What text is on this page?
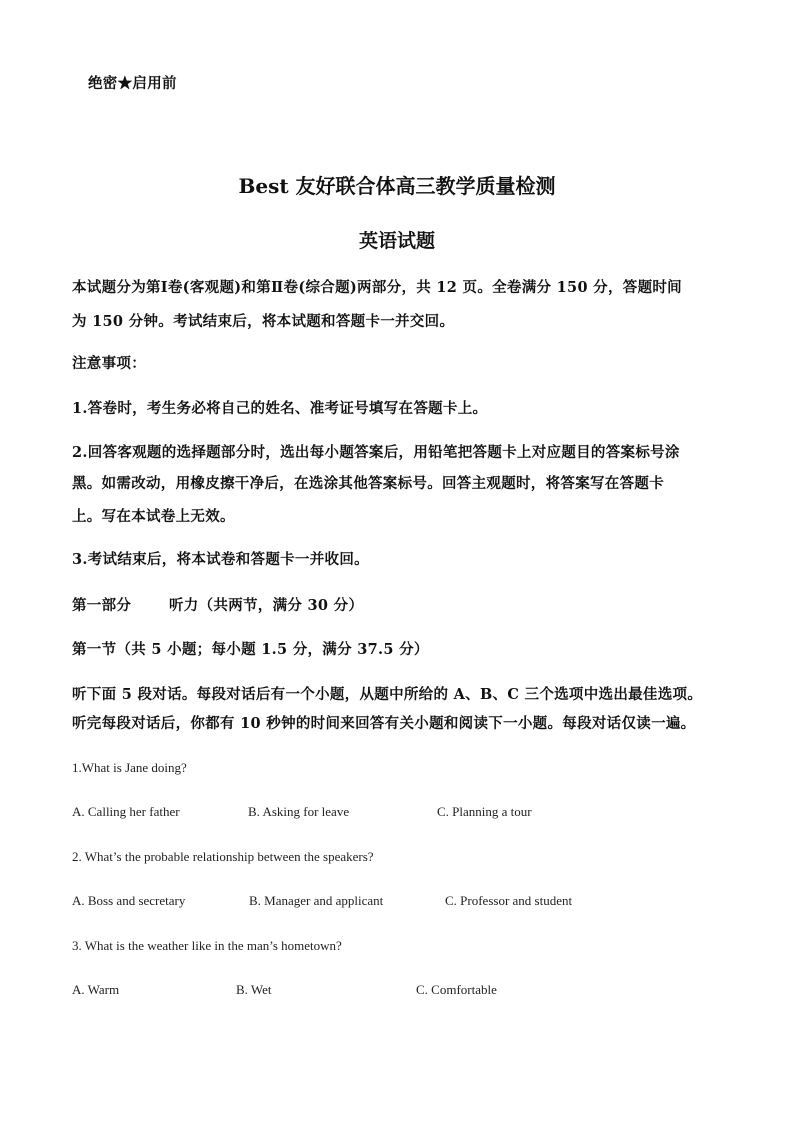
绝密★启用前
Best 友好联合体高三教学质量检测
英语试题
本试题分为第Ⅰ卷(客观题)和第Ⅱ卷(综合题)两部分，共 12 页。全卷满分 150 分，答题时间
为 150 分钟。考试结束后，将本试题和答题卡一并交回。
注意事项：
1.答卷时，考生务必将自己的姓名、准考证号填写在答题卡上。
2.回答客观题的选择题部分时，选出每小题答案后，用铅笔把答题卡上对应题目的答案标号涂
黑。如需改动，用橡皮擦干净后，在选涂其他答案标号。回答主观题时，将答案写在答题卡
上。写在本试卷上无效。
3.考试结束后，将本试卷和答题卡一并收回。
第一部分	听力（共两节，满分 30 分）
第一节（共 5 小题；每小题 1.5 分，满分 37.5 分）
听下面 5 段对话。每段对话后有一个小题，从题中所给的 A、B、C 三个选项中选出最佳选项。
听完每段对话后，你都有 10 秒钟的时间来回答有关小题和阅读下一小题。每段对话仅读一遍。
1.What is Jane doing?
A. Calling her father	B. Asking for leave	C. Planning a tour
2. What’s the probable relationship between the speakers?
A. Boss and secretary	B. Manager and applicant	C. Professor and student
3. What is the weather like in the man’s hometown?
A. Warm	B. Wet	C. Comfortable
